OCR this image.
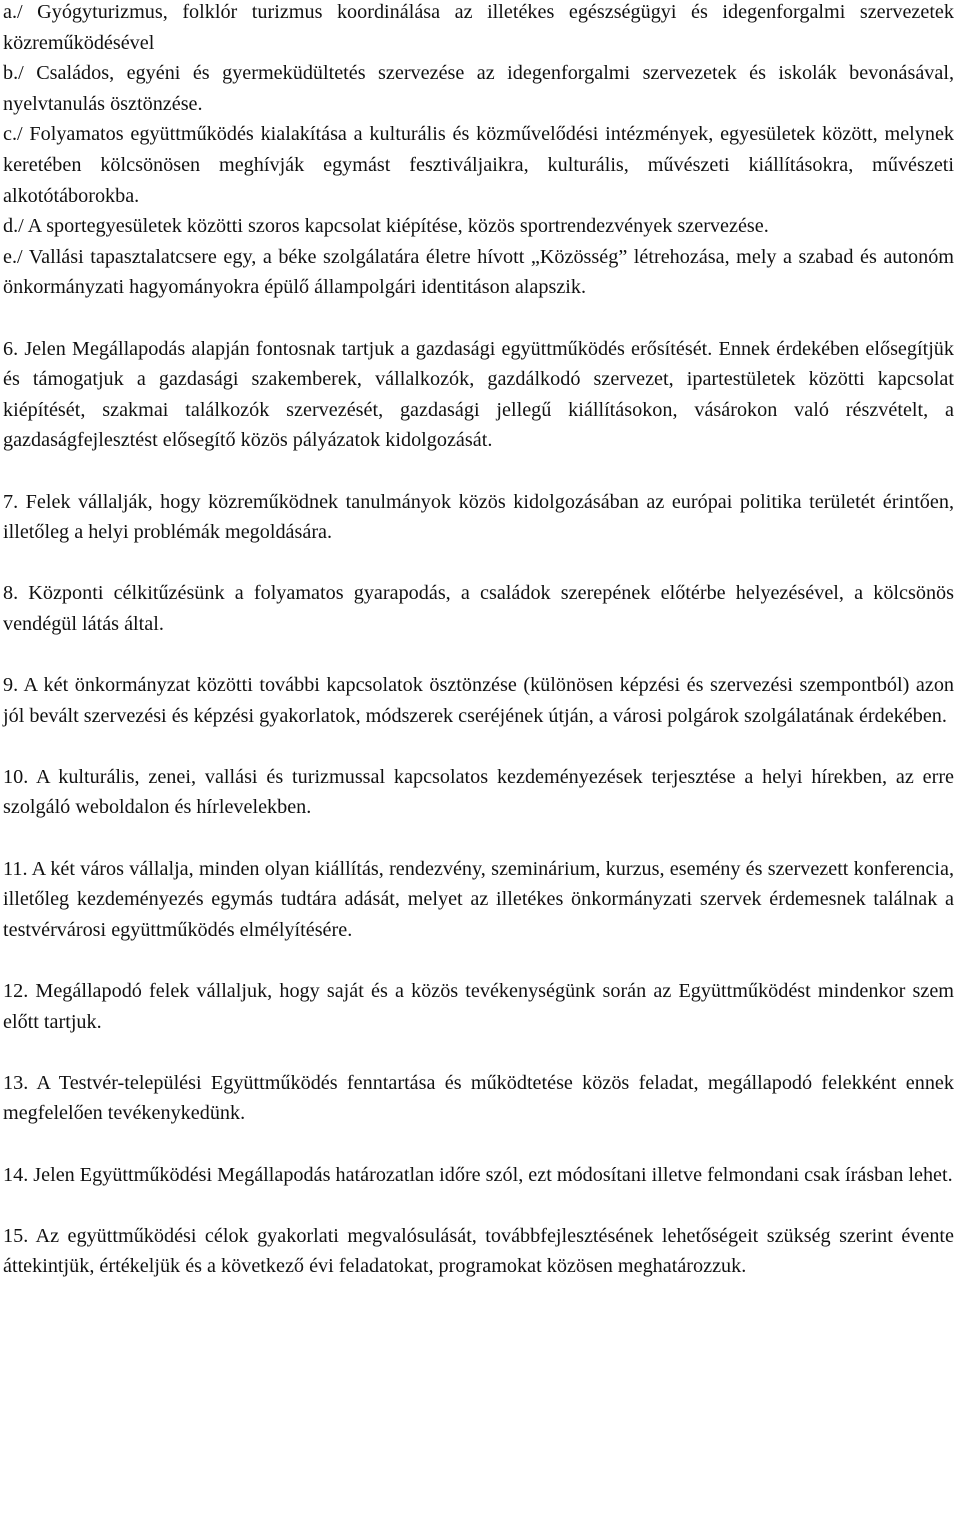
a./ Gyógyturizmus, folklór turizmus koordinálása az illetékes egészségügyi és idegenforgalmi szervezetek közreműködésével

b./ Családos, egyéni és gyermeküdültetés szervezése az idegenforgalmi szervezetek és iskolák bevonásával, nyelvtanulás ösztönzése.

c./ Folyamatos együttműködés kialakítása a kulturális és közművelődési intézmények, egyesületek között, melynek keretében kölcsönösen meghívják egymást fesztiváljaikra, kulturális, művészeti kiállításokra, művészeti alkotótáborokba.

d./ A sportegyesületek közötti szoros kapcsolat kiépítése, közös sportrendezvények szervezése.

e./ Vallási tapasztalatcsere egy, a béke szolgálatára életre hívott „Közösség” létrehozása, mely a szabad és autonóm önkormányzati hagyományokra épülő állampolgári identitáson alapszik.

6. Jelen Megállapodás alapján fontosnak tartjuk a gazdasági együttműködés erősítését. Ennek érdekében elősegítjük és támogatjuk a gazdasági szakemberek, vállalkozók, gazdálkodó szervezet, ipartestületek közötti kapcsolat kiépítését, szakmai találkozók szervezését, gazdasági jellegű kiállításokon, vásárokon való részvételt, a gazdaságfejlesztést elősegítő közös pályázatok kidolgozását.

7. Felek vállalják, hogy közreműködnek tanulmányok közös kidolgozásában az európai politika területét érintően, illetőleg a helyi problémák megoldására.

8. Központi célkitűzésünk a folyamatos gyarapodás, a családok szerepének előtérbe helyezésével, a kölcsönös vendégül látás által.

9. A két önkormányzat közötti további kapcsolatok ösztönzése (különösen képzési és szervezési szempontból) azon jól bevált szervezési és képzési gyakorlatok, módszerek cseréjének útján, a városi polgárok szolgálatának érdekében.

10. A kulturális, zenei, vallási és turizmussal kapcsolatos kezdeményezések terjesztése a helyi hírekben, az erre szolgáló weboldalon és hírlevelekben.

11. A két város vállalja, minden olyan kiállítás, rendezvény, szeminárium, kurzus, esemény és szervezett konferencia, illetőleg kezdeményezés egymás tudtára adását, melyet az illetékes önkormányzati szervek érdemesnek találnak a testvérvárosi együttműködés elmélyítésére.

12. Megállapodó felek vállaljuk, hogy saját és a közös tevékenységünk során az Együttműködést mindenkor szem előtt tartjuk.

13. A Testvér-települési Együttműködés fenntartása és működtetése közös feladat, megállapodó felekként ennek megfelelően tevékenykedünk.

14. Jelen Együttműködési Megállapodás határozatlan időre szól, ezt módosítani illetve felmondani csak írásban lehet.

15. Az együttműködési célok gyakorlati megvalósulását, továbbfejlesztésének lehetőségeit szükség szerint évente áttekintjük, értékeljük és a következő évi feladatokat, programokat közösen meghatározzuk.
